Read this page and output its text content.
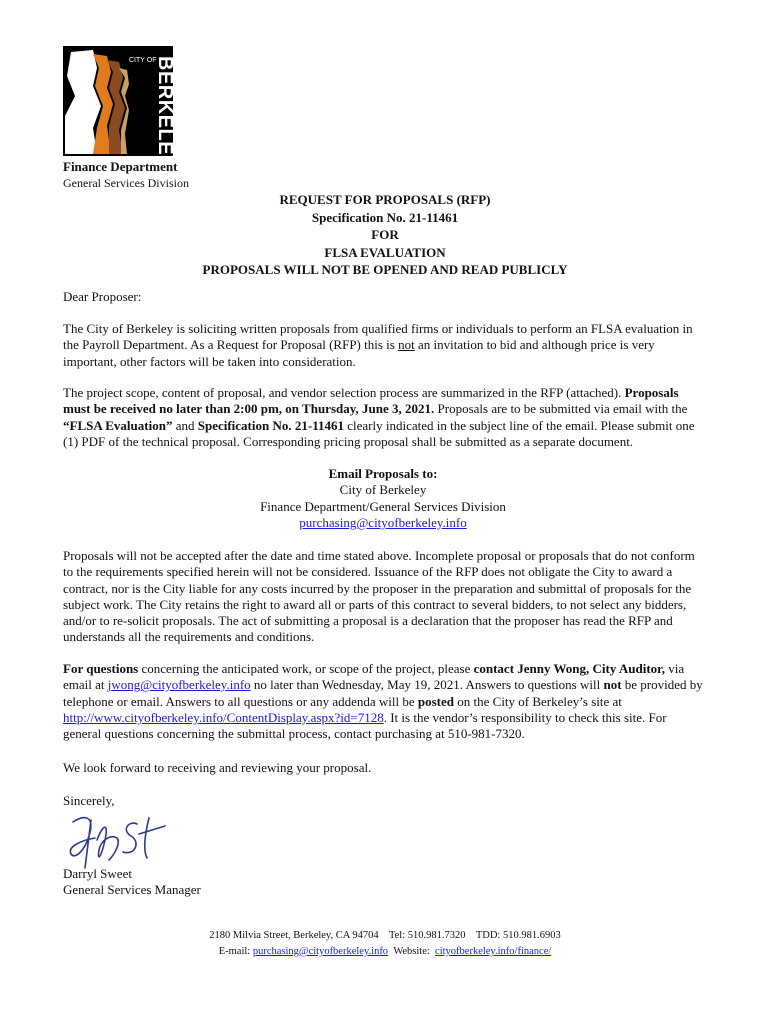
CITY OF
BERKELEY
Finance Department
General Services Division
REQUEST FOR PROPOSALS (RFP)
Specification No. 21-11461
FOR
FLSA EVALUATION
PROPOSALS WILL NOT BE OPENED AND READ PUBLICLY
Dear Proposer:

The City of Berkeley is soliciting written proposals from qualified firms or individuals to perform an FLSA evaluation in the Payroll Department. As a Request for Proposal (RFP) this is not an invitation to bid and although price is very important, other factors will be taken into consideration.

The project scope, content of proposal, and vendor selection process are summarized in the RFP (attached). Proposals must be received no later than 2:00 pm, on Thursday, June 3, 2021. Proposals are to be submitted via email with the “FLSA Evaluation” and Specification No. 21-11461 clearly indicated in the subject line of the email. Please submit one (1) PDF of the technical proposal. Corresponding pricing proposal shall be submitted as a separate document.

Email Proposals to:
City of Berkeley
Finance Department/General Services Division
purchasing@cityofberkeley.info

Proposals will not be accepted after the date and time stated above. Incomplete proposal or proposals that do not conform to the requirements specified herein will not be considered. Issuance of the RFP does not obligate the City to award a contract, nor is the City liable for any costs incurred by the proposer in the preparation and submittal of proposals for the subject work. The City retains the right to award all or parts of this contract to several bidders, to not select any bidders, and/or to re-solicit proposals. The act of submitting a proposal is a declaration that the proposer has read the RFP and understands all the requirements and conditions.

For questions concerning the anticipated work, or scope of the project, please contact Jenny Wong, City Auditor, via email at jwong@cityofberkeley.info no later than Wednesday, May 19, 2021. Answers to questions will not be provided by telephone or email. Answers to all questions or any addenda will be posted on the City of Berkeley’s site at http://www.cityofberkeley.info/ContentDisplay.aspx?id=7128. It is the vendor’s responsibility to check this site. For general questions concerning the submittal process, contact purchasing at 510-981-7320.

We look forward to receiving and reviewing your proposal.
Sincerely,
Darryl Sweet
General Services Manager
2180 Milvia Street, Berkeley, CA 94704 Tel: 510.981.7320 TDD: 510.981.6903
E-mail: purchasing@cityofberkeley.info Website:  cityofberkeley.info/finance/
